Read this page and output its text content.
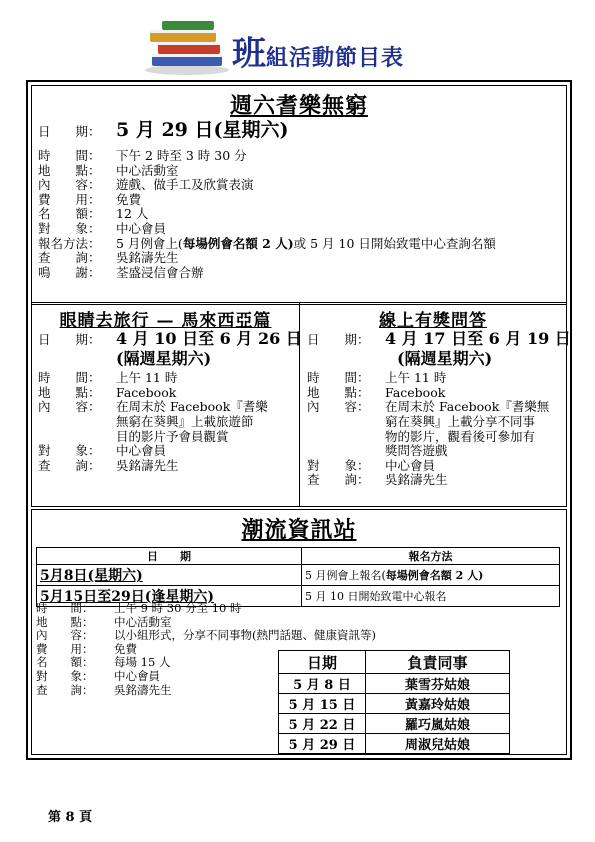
班組活動節目表
週六耆樂無窮
日　　期： 5 月 29 日(星期六)
時　　間： 下午 2 時至 3 時 30 分
地　　點： 中心活動室
內　　容： 遊戲、做手工及欣賞表演
費　　用： 免費
名　　額： 12 人
對　　象： 中心會員
報名方法： 5 月例會上(每場例會名額 2 人)或 5 月 10 日開始致電中心查詢名額
查　　詢： 吳銘濤先生
鳴　　謝： 荃盛浸信會合辦
眼睛去旅行 — 馬來西亞篇
日　　期： 4 月 10 日至 6 月 26 日
(隔週星期六)
時　　間： 上午 11 時
地　　點： Facebook
內　　容： 在周末於 Facebook『耆樂
無窮在葵興』上載旅遊節
目的影片予會員觀賞
對　　象： 中心會員
查　　詢： 吳銘濤先生
線上有獎問答
日　　期： 4 月 17 日至 6 月 19 日
(隔週星期六)
時　　間： 上午 11 時
地　　點： Facebook
內　　容： 在周末於 Facebook『耆樂無
窮在葵興』上載分享不同事
物的影片，觀看後可參加有
獎問答遊戲
對　　象： 中心會員
查　　詢： 吳銘濤先生
潮流資訊站
日　　期	報名方法
5月8日(星期六)	5 月例會上報名(每場例會名額 2 人)
5月15日至29日(逢星期六)	5 月 10 日開始致電中心報名
時　　間： 上午 9 時 30 分至 10 時
地　　點： 中心活動室
內　　容： 以小組形式，分享不同事物(熱門話題、健康資訊等)
費　　用： 免費
名　　額： 每場 15 人
對　　象： 中心會員
查　　詢： 吳銘濤先生
日期	負責同事
5 月 8 日	葉雪芬姑娘
5 月 15 日	黃嘉玲姑娘
5 月 22 日	羅巧嵐姑娘
5 月 29 日	周淑兒姑娘
第 8 頁
